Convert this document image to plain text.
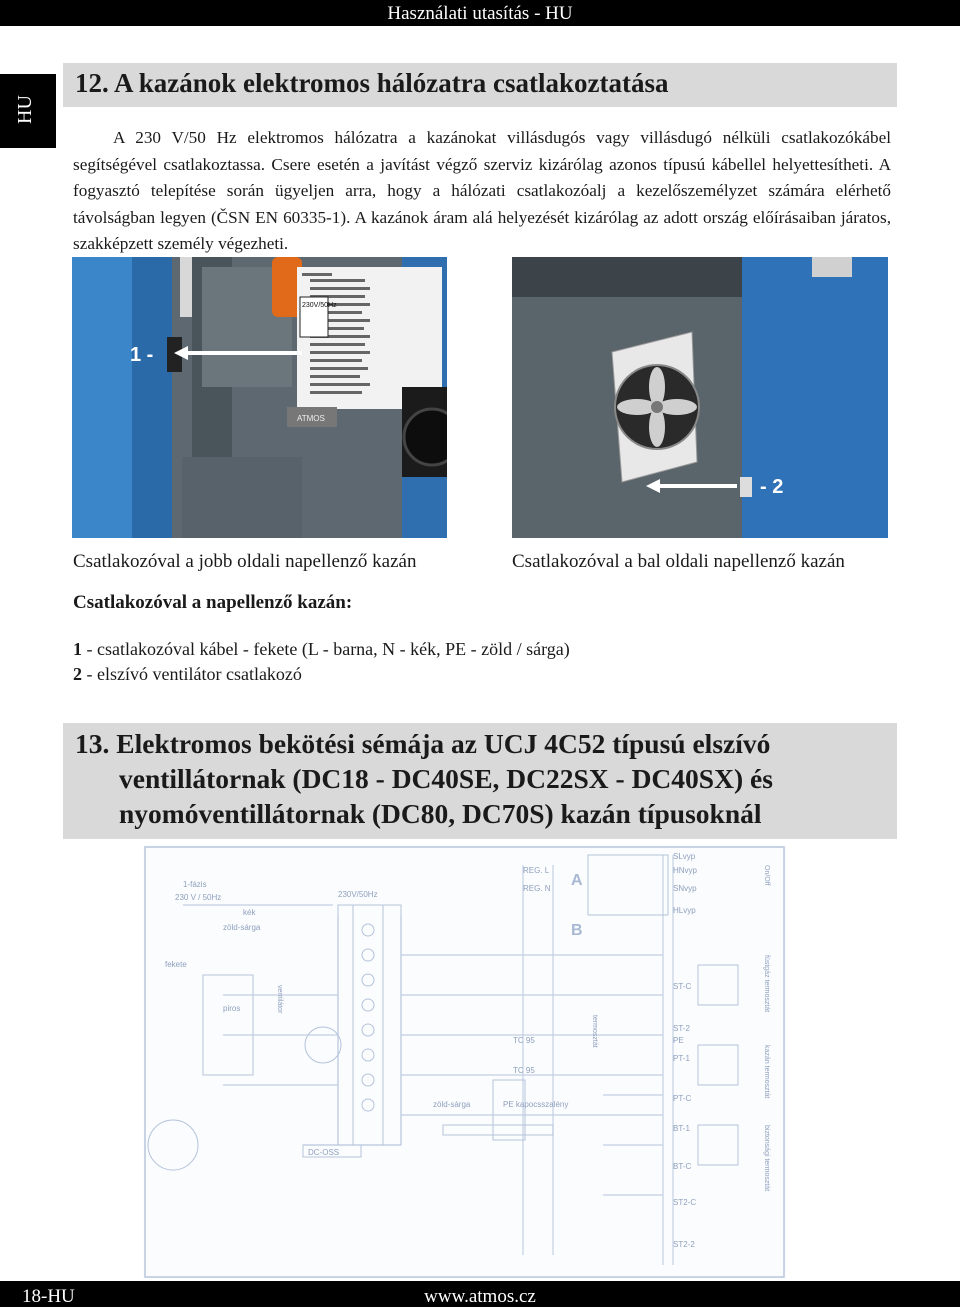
Használati utasítás - HU
HU
12. A kazánok elektromos hálózatra csatlakoztatása

A 230 V/50 Hz elektromos hálózatra a kazánokat villásdugós vagy villásdugó nélküli csatlakozókábel segítségével csatlakoztassa. Csere esetén a javítást végző szerviz kizárólag azonos típusú kábellel helyettesítheti. A fogyasztó telepítése során ügyeljen arra, hogy a hálózati csatlakozóalj a kezelőszemélyzet számára elérhető távolságban legyen (ČSN EN 60335-1). A kazánok áram alá helyezését kizárólag az adott ország előírásaiban járatos, szakképzett személy végezheti.

230V/50Hz
ATMOS
1 -
- 2
Csatlakozóval a jobb oldali napellenző kazán	Csatlakozóval a bal oldali napellenző kazán
Csatlakozóval a napellenző kazán:
1 - csatlakozóval kábel - fekete (L - barna, N - kék, PE - zöld / sárga)
2 - elszívó ventilátor csatlakozó
13. Elektromos bekötési sémája az UCJ 4C52 típusú elszívó ventillátornak (DC18 - DC40SE, DC22SX - DC40SX) és nyomóventillátornak (DC80, DC70S) kazán típusoknál
1-fázis
230 V / 50Hz
kék
zöld-sárga
fekete
piros
230V/50Hz
REG. L
REG. N
TC 95
TC 95
PE kapocsszalény
zöld-sárga
DC-OSS
SLvyp
HNvyp
SNvyp
HLvyp
ST-C
ST-2
PE
PT-1
PT-C
BT-1
BT-C
ST2-C
ST2-2
On/Off
füstgáz termosztát
kazán termosztát
biztonsági termosztát
termosztát
ventilátor
A
B
18-HU	www.atmos.cz
